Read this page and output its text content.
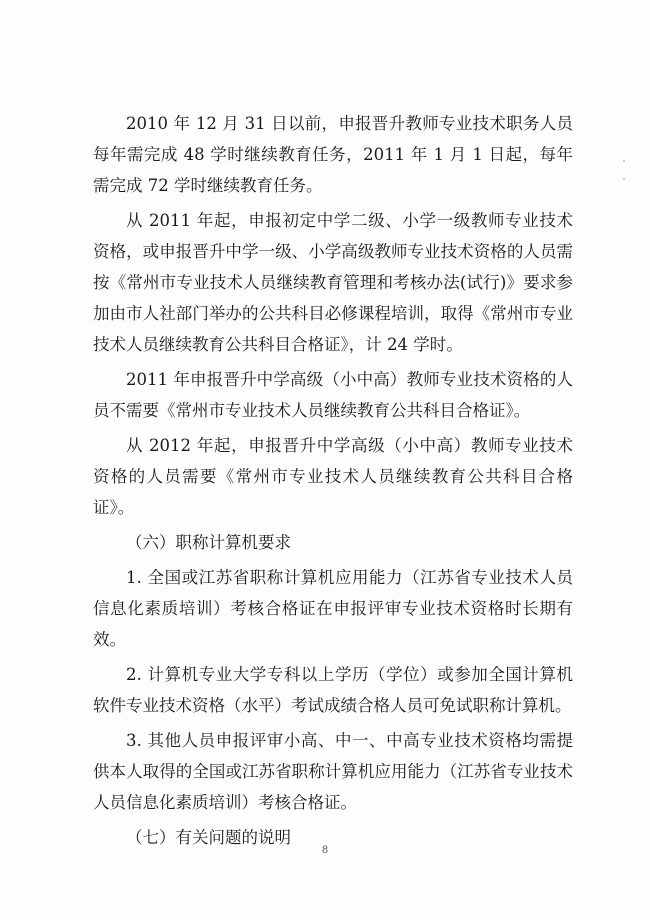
2010 年 12 月 31 日以前，申报晋升教师专业技术职务人员每年需完成 48 学时继续教育任务，2011 年 1 月 1 日起，每年需完成 72 学时继续教育任务。

从 2011 年起，申报初定中学二级、小学一级教师专业技术资格，或申报晋升中学一级、小学高级教师专业技术资格的人员需按《常州市专业技术人员继续教育管理和考核办法(试行)》要求参加由市人社部门举办的公共科目必修课程培训，取得《常州市专业技术人员继续教育公共科目合格证》，计 24 学时。

2011 年申报晋升中学高级（小中高）教师专业技术资格的人员不需要《常州市专业技术人员继续教育公共科目合格证》。

从 2012 年起，申报晋升中学高级（小中高）教师专业技术资格的人员需要《常州市专业技术人员继续教育公共科目合格证》。

（六）职称计算机要求

1. 全国或江苏省职称计算机应用能力（江苏省专业技术人员信息化素质培训）考核合格证在申报评审专业技术资格时长期有效。

2. 计算机专业大学专科以上学历（学位）或参加全国计算机软件专业技术资格（水平）考试成绩合格人员可免试职称计算机。

3. 其他人员申报评审小高、中一、中高专业技术资格均需提供本人取得的全国或江苏省职称计算机应用能力（江苏省专业技术人员信息化素质培训）考核合格证。

（七）有关问题的说明

8
